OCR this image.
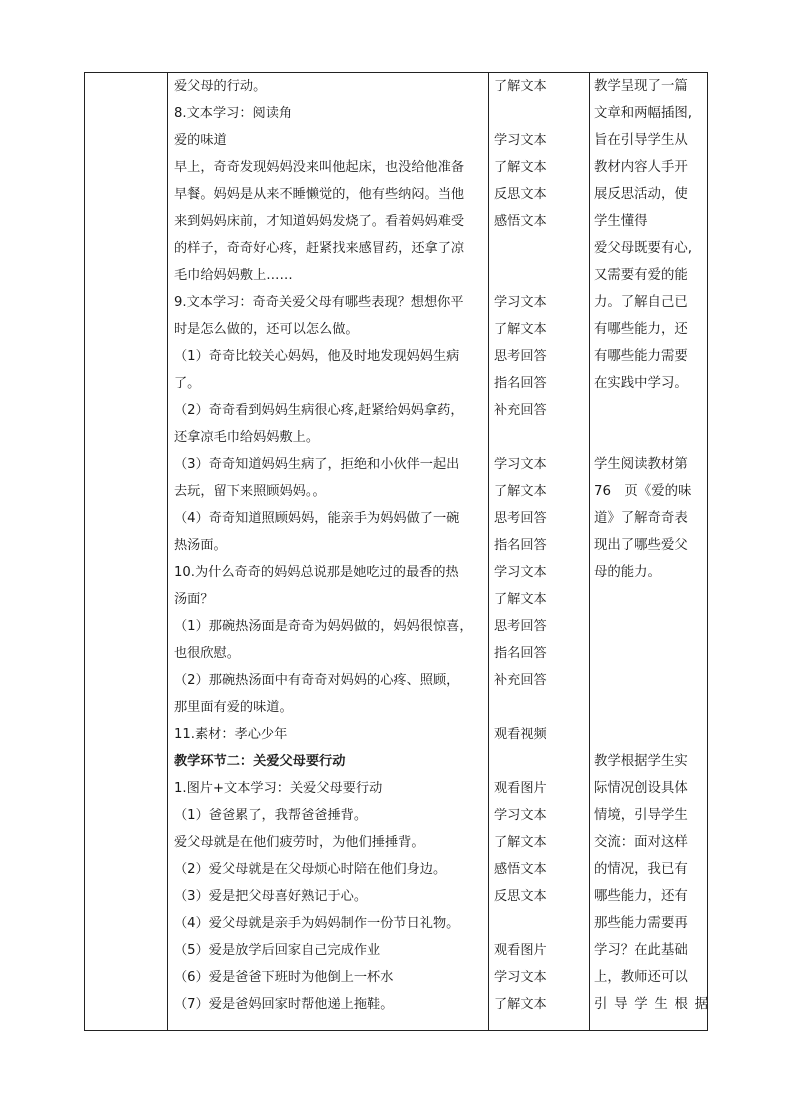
爱父母的行动。
8.文本学习：阅读角
爱的味道
早上，奇奇发现妈妈没来叫他起床，也没给他准备
早餐。妈妈是从来不睡懒觉的，他有些纳闷。当他
来到妈妈床前，才知道妈妈发烧了。看着妈妈难受
的样子，奇奇好心疼，赶紧找来感冒药，还拿了凉
毛巾给妈妈敷上……
9.文本学习：奇奇关爱父母有哪些表现？想想你平
时是怎么做的，还可以怎么做。
（1）奇奇比较关心妈妈，他及时地发现妈妈生病
了。
（2）奇奇看到妈妈生病很心疼,赶紧给妈妈拿药，
还拿凉毛巾给妈妈敷上。
（3）奇奇知道妈妈生病了，拒绝和小伙伴一起出
去玩，留下来照顾妈妈。。
（4）奇奇知道照顾妈妈，能亲手为妈妈做了一碗
热汤面。
10.为什么奇奇的妈妈总说那是她吃过的最香的热
汤面？
（1）那碗热汤面是奇奇为妈妈做的，妈妈很惊喜，
也很欣慰。
（2）那碗热汤面中有奇奇对妈妈的心疼、照顾，
那里面有爱的味道。
11.素材：孝心少年
教学环节二：关爱父母要行动
1.图片+文本学习：关爱父母要行动
（1）爸爸累了，我帮爸爸捶背。
爱父母就是在他们疲劳时，为他们捶捶背。
（2）爱父母就是在父母烦心时陪在他们身边。
（3）爱是把父母喜好熟记于心。
（4）爱父母就是亲手为妈妈制作一份节日礼物。
（5）爱是放学后回家自己完成作业
（6）爱是爸爸下班时为他倒上一杯水
（7）爱是爸妈回家时帮他递上拖鞋。
了解文本
学习文本
了解文本
反思文本
感悟文本
学习文本
了解文本
思考回答
指名回答
补充回答
学习文本
了解文本
思考回答
指名回答
学习文本
了解文本
思考回答
指名回答
补充回答
观看视频
观看图片
学习文本
了解文本
感悟文本
反思文本
观看图片
学习文本
了解文本
教学呈现了一篇
文章和两幅插图,
旨在引导学生从
教材内容人手开
展反思活动，使
学生懂得
爱父母既要有心,
又需要有爱的能
力。了解自己已
有哪些能力，还
有哪些能力需要
在实践中学习。
学生阅读教材第
76　页《爱的味
道》了解奇奇表
现出了哪些爱父
母的能力。
教学根据学生实
际情况创设具体
情境，引导学生
交流：面对这样
的情况，我已有
哪些能力，还有
那些能力需要再
学习？在此基础
上，教师还可以
引导学生根据
